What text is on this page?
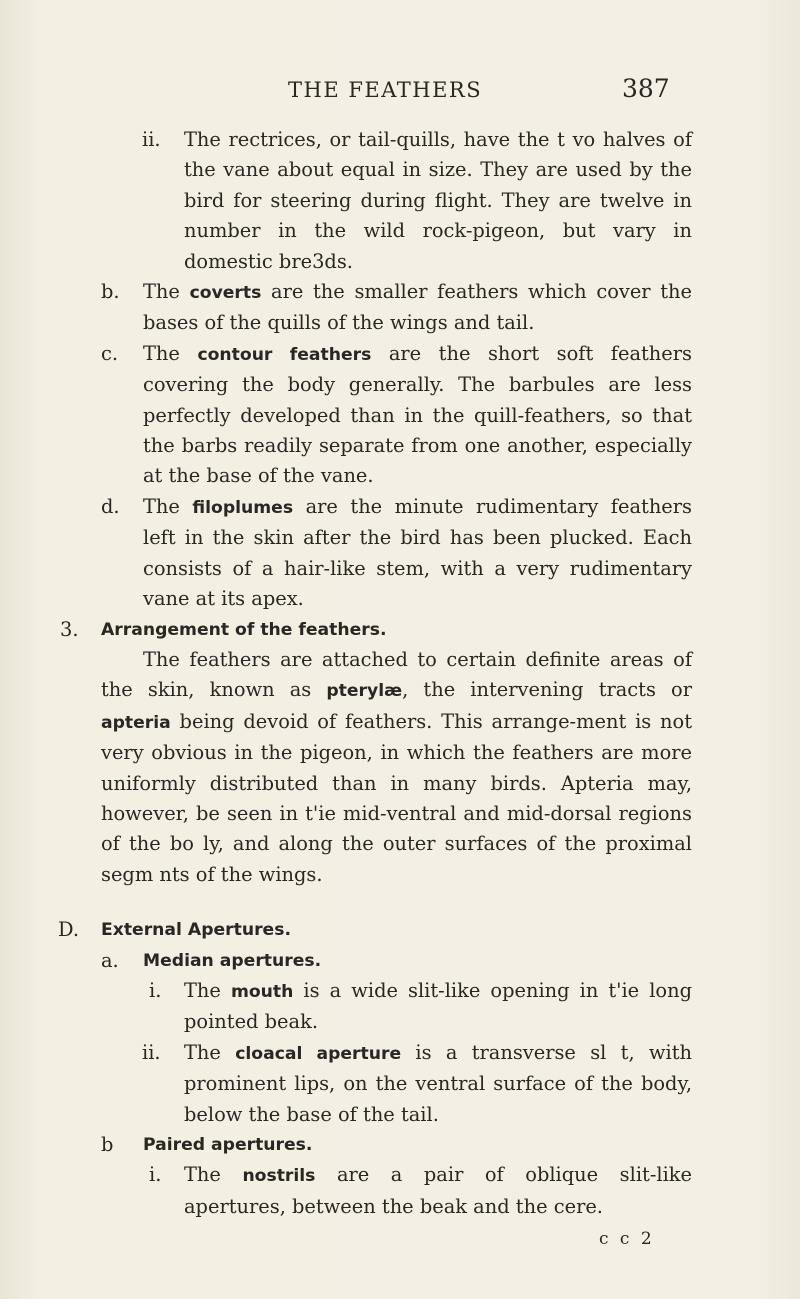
THE FEATHERS	387
ii. The rectrices, or tail-quills, have the t vo halves of the vane about equal in size. They are used by the bird for steering during flight. They are twelve in number in the wild rock-pigeon, but vary in domestic bre3ds.
b. The coverts are the smaller feathers which cover the bases of the quills of the wings and tail.
c. The contour feathers are the short soft feathers covering the body generally. The barbules are less perfectly developed than in the quill-feathers, so that the barbs readily separate from one another, especially at the base of the vane.
d. The filoplumes are the minute rudimentary feathers left in the skin after the bird has been plucked. Each consists of a hair-like stem, with a very rudimentary vane at its apex.
3. Arrangement of the feathers.
The feathers are attached to certain definite areas of the skin, known as pterylæ, the intervening tracts or apteria being devoid of feathers. This arrange-ment is not very obvious in the pigeon, in which the feathers are more uniformly distributed than in many birds. Apteria may, however, be seen in t'ie mid-ventral and mid-dorsal regions of the bo ly, and along the outer surfaces of the proximal segm nts of the wings.
D. External Apertures.
a. Median apertures.
i. The mouth is a wide slit-like opening in t'ie long pointed beak.
ii. The cloacal aperture is a transverse sl t, with prominent lips, on the ventral surface of the body, below the base of the tail.
b Paired apertures.
i. The nostrils are a pair of oblique slit-like apertures, between the beak and the cere.
c c 2
